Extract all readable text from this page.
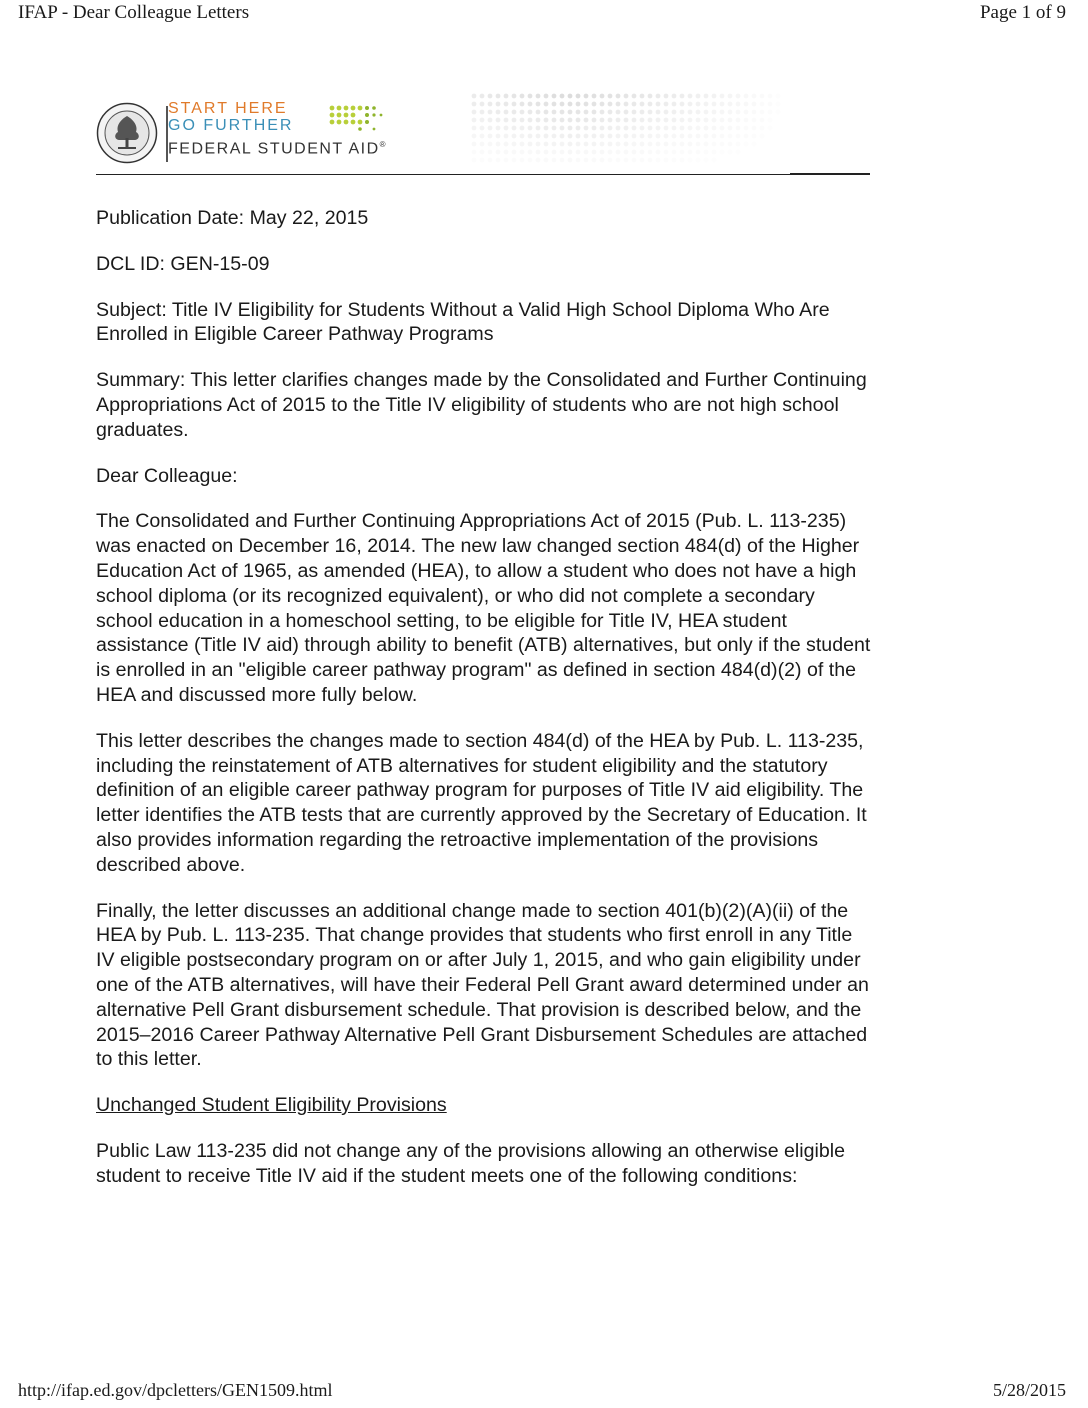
IFAP - Dear Colleague Letters	Page 1 of 9
START HERE
GO FURTHER
FEDERAL STUDENT AID®

Publication Date: May 22, 2015

DCL ID: GEN-15-09

Subject: Title IV Eligibility for Students Without a Valid High School Diploma Who Are Enrolled in Eligible Career Pathway Programs

Summary: This letter clarifies changes made by the Consolidated and Further Continuing Appropriations Act of 2015 to the Title IV eligibility of students who are not high school graduates.

Dear Colleague:

The Consolidated and Further Continuing Appropriations Act of 2015 (Pub. L. 113-235) was enacted on December 16, 2014. The new law changed section 484(d) of the Higher Education Act of 1965, as amended (HEA), to allow a student who does not have a high school diploma (or its recognized equivalent), or who did not complete a secondary school education in a homeschool setting, to be eligible for Title IV, HEA student assistance (Title IV aid) through ability to benefit (ATB) alternatives, but only if the student is enrolled in an "eligible career pathway program" as defined in section 484(d)(2) of the HEA and discussed more fully below.

This letter describes the changes made to section 484(d) of the HEA by Pub. L. 113-235, including the reinstatement of ATB alternatives for student eligibility and the statutory definition of an eligible career pathway program for purposes of Title IV aid eligibility. The letter identifies the ATB tests that are currently approved by the Secretary of Education. It also provides information regarding the retroactive implementation of the provisions described above.

Finally, the letter discusses an additional change made to section 401(b)(2)(A)(ii) of the HEA by Pub. L. 113-235. That change provides that students who first enroll in any Title IV eligible postsecondary program on or after July 1, 2015, and who gain eligibility under one of the ATB alternatives, will have their Federal Pell Grant award determined under an alternative Pell Grant disbursement schedule. That provision is described below, and the 2015–2016 Career Pathway Alternative Pell Grant Disbursement Schedules are attached to this letter.

Unchanged Student Eligibility Provisions

Public Law 113-235 did not change any of the provisions allowing an otherwise eligible student to receive Title IV aid if the student meets one of the following conditions:

http://ifap.ed.gov/dpcletters/GEN1509.html	5/28/2015
